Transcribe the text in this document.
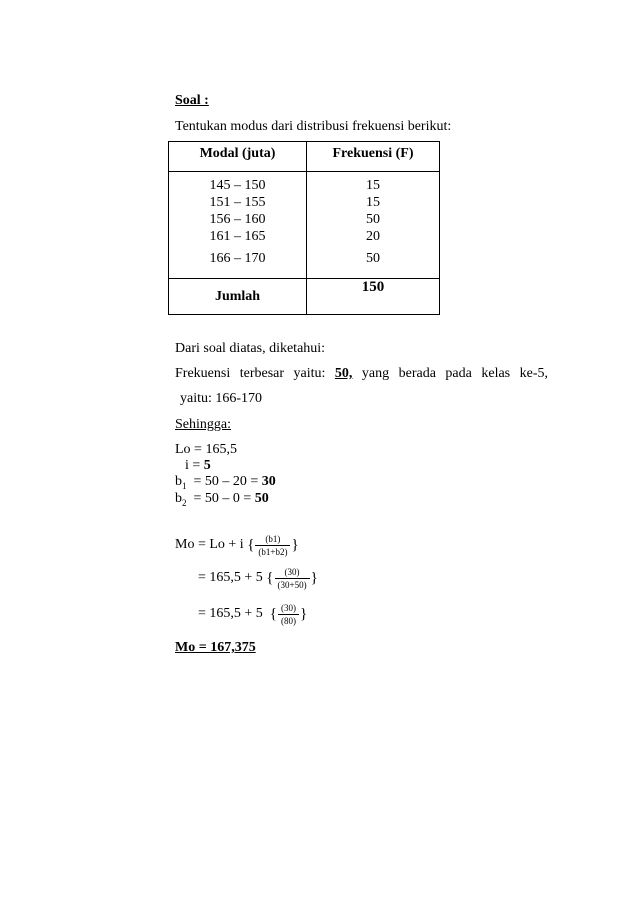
Soal :
Tentukan modus dari distribusi frekuensi berikut:
Modal (juta)	Frekuensi (F)
145 – 150
151 – 155
156 – 160
161 – 165
166 – 170
15
15
50
20
50
Jumlah
150
Dari soal diatas, diketahui:
Frekuensi terbesar yaitu: 50, yang berada pada kelas ke-5,
yaitu: 166-170
Sehingga:
Lo = 165,5
i = 5
$b_1 = 50 - 20 = 30$
$b_2 = 50 - 0 = 50$
Mo = Lo + i { $\frac{(b1)}{(b1+b2)}$ }
= 165,5 + 5 { $\frac{(30)}{(30+50)}$ }
= 165,5 + 5  { $\frac{(30)}{(80)}$ }
Mo = 167,375
